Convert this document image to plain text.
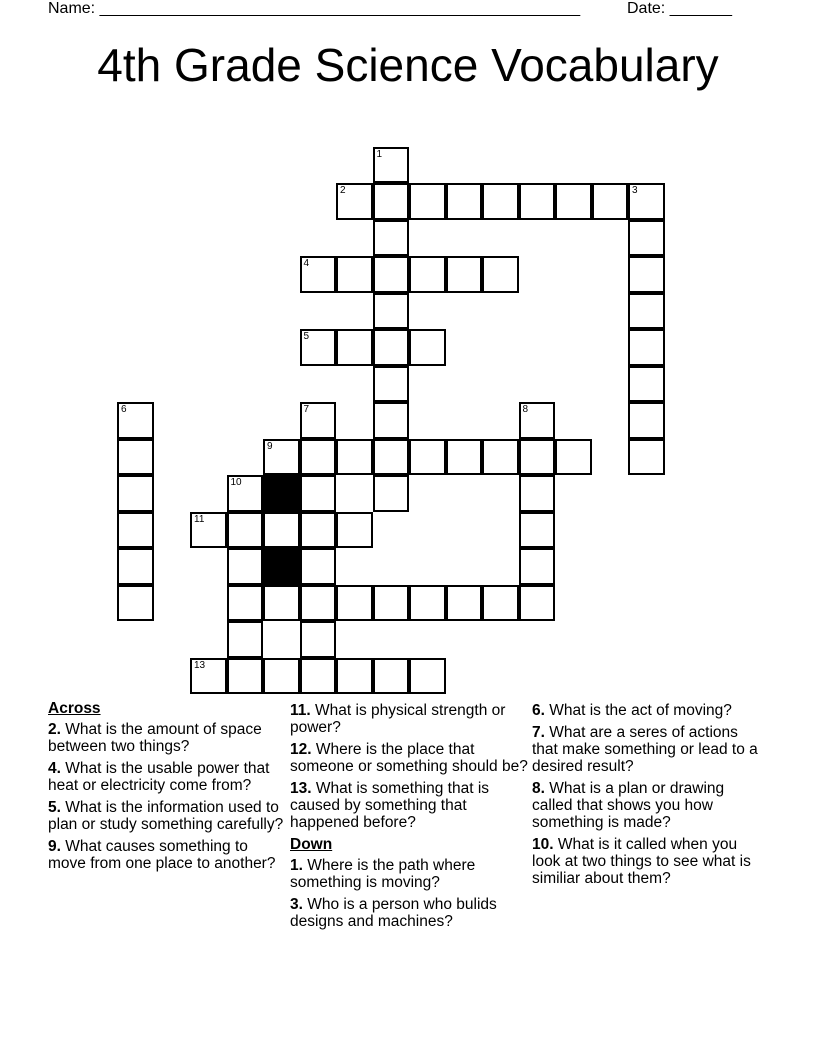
Name: ______________________________________________________	Date: _______
4th Grade Science Vocabulary
1
2	3
4
5
6	7	8
9
10
11
13
Across
2. What is the amount of space between two things?
4. What is the usable power that heat or electricity come from?
5. What is the information used to plan or study something carefully?
9. What causes something to move from one place to another?
11. What is physical strength or power?
12. Where is the place that someone or something should be?
13. What is something that is caused by something that happened before?
Down
1. Where is the path where something is moving?
3. Who is a person who bulids designs and machines?
6. What is the act of moving?
7. What are a seres of actions that make something or lead to a desired result?
8. What is a plan or drawing called that shows you how something is made?
10. What is it called when you look at two things to see what is similiar about them?
